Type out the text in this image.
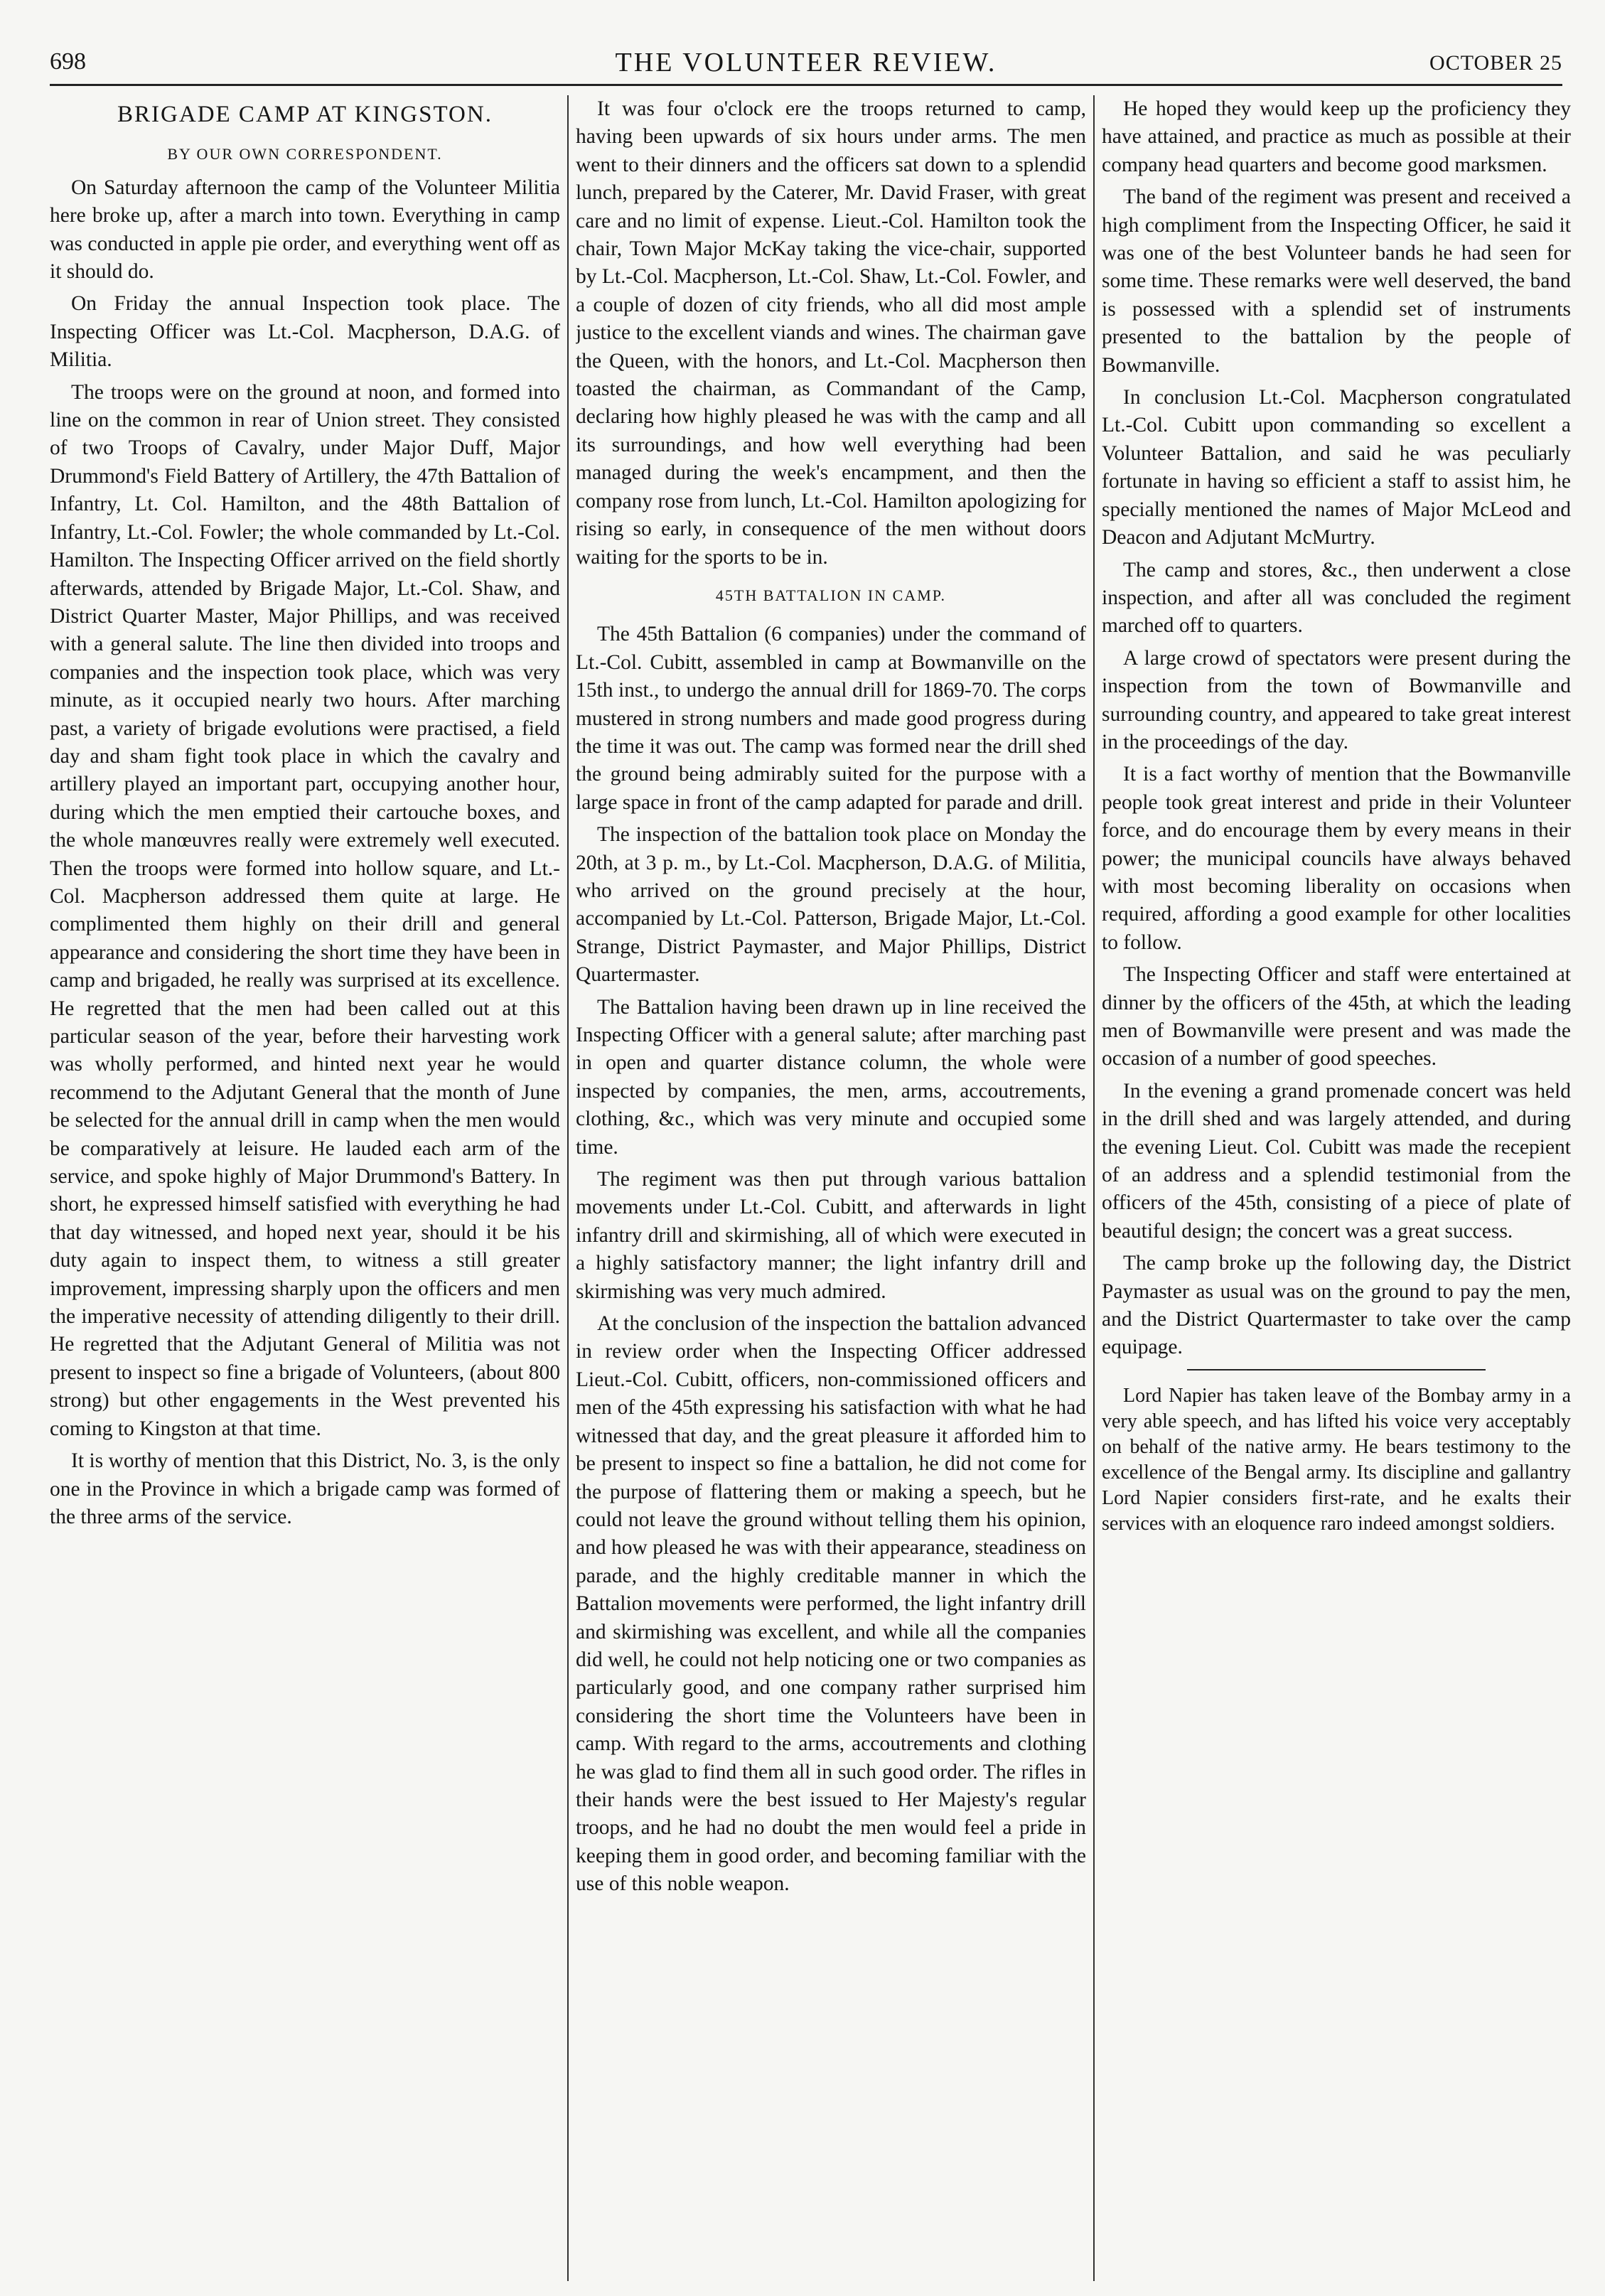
698	THE VOLUNTEER REVIEW.	OCTOBER 25
BRIGADE CAMP AT KINGSTON.
BY OUR OWN CORRESPONDENT.

On Saturday afternoon the camp of the Volunteer Militia here broke up, after a march into town. Everything in camp was conducted in apple pie order, and everything went off as it should do.

On Friday the annual Inspection took place. The Inspecting Officer was Lt.-Col. Macpherson, D.A.G. of Militia.

The troops were on the ground at noon, and formed into line on the common in rear of Union street. They consisted of two Troops of Cavalry, under Major Duff, Major Drummond's Field Battery of Artillery, the 47th Battalion of Infantry, Lt. Col. Hamilton, and the 48th Battalion of Infantry, Lt.-Col. Fowler; the whole commanded by Lt.-Col. Hamilton. The Inspecting Officer arrived on the field shortly afterwards, attended by Brigade Major, Lt.-Col. Shaw, and District Quarter Master, Major Phillips, and was received with a general salute. The line then divided into troops and companies and the inspection took place, which was very minute, as it occupied nearly two hours. After marching past, a variety of brigade evolutions were practised, a field day and sham fight took place in which the cavalry and artillery played an important part, occupying another hour, during which the men emptied their cartouche boxes, and the whole manœuvres really were extremely well executed. Then the troops were formed into hollow square, and Lt.-Col. Macpherson addressed them quite at large. He complimented them highly on their drill and general appearance and considering the short time they have been in camp and brigaded, he really was surprised at its excellence. He regretted that the men had been called out at this particular season of the year, before their harvesting work was wholly performed, and hinted next year he would recommend to the Adjutant General that the month of June be selected for the annual drill in camp when the men would be comparatively at leisure. He lauded each arm of the service, and spoke highly of Major Drummond's Battery. In short, he expressed himself satisfied with everything he had that day witnessed, and hoped next year, should it be his duty again to inspect them, to witness a still greater improvement, impressing sharply upon the officers and men the imperative necessity of attending diligently to their drill. He regretted that the Adjutant General of Militia was not present to inspect so fine a brigade of Volunteers, (about 800 strong) but other engagements in the West prevented his coming to Kingston at that time.

It is worthy of mention that this District, No. 3, is the only one in the Province in which a brigade camp was formed of the three arms of the service.

It was four o'clock ere the troops returned to camp, having been upwards of six hours under arms. The men went to their dinners and the officers sat down to a splendid lunch, prepared by the Caterer, Mr. David Fraser, with great care and no limit of expense. Lieut.-Col. Hamilton took the chair, Town Major McKay taking the vice-chair, supported by Lt.-Col. Macpherson, Lt.-Col. Shaw, Lt.-Col. Fowler, and a couple of dozen of city friends, who all did most ample justice to the excellent viands and wines. The chairman gave the Queen, with the honors, and Lt.-Col. Macpherson then toasted the chairman, as Commandant of the Camp, declaring how highly pleased he was with the camp and all its surroundings, and how well everything had been managed during the week's encampment, and then the company rose from lunch, Lt.-Col. Hamilton apologizing for rising so early, in consequence of the men without doors waiting for the sports to be in.

45TH BATTALION IN CAMP.

The 45th Battalion (6 companies) under the command of Lt.-Col. Cubitt, assembled in camp at Bowmanville on the 15th inst., to undergo the annual drill for 1869-70. The corps mustered in strong numbers and made good progress during the time it was out. The camp was formed near the drill shed the ground being admirably suited for the purpose with a large space in front of the camp adapted for parade and drill.

The inspection of the battalion took place on Monday the 20th, at 3 p. m., by Lt.-Col. Macpherson, D.A.G. of Militia, who arrived on the ground precisely at the hour, accompanied by Lt.-Col. Patterson, Brigade Major, Lt.-Col. Strange, District Paymaster, and Major Phillips, District Quartermaster.

The Battalion having been drawn up in line received the Inspecting Officer with a general salute; after marching past in open and quarter distance column, the whole were inspected by companies, the men, arms, accoutrements, clothing, &c., which was very minute and occupied some time.

The regiment was then put through various battalion movements under Lt.-Col. Cubitt, and afterwards in light infantry drill and skirmishing, all of which were executed in a highly satisfactory manner; the light infantry drill and skirmishing was very much admired.

At the conclusion of the inspection the battalion advanced in review order when the Inspecting Officer addressed Lieut.-Col. Cubitt, officers, non-commissioned officers and men of the 45th expressing his satisfaction with what he had witnessed that day, and the great pleasure it afforded him to be present to inspect so fine a battalion, he did not come for the purpose of flattering them or making a speech, but he could not leave the ground without telling them his opinion, and how pleased he was with their appearance, steadiness on parade, and the highly creditable manner in which the Battalion movements were performed, the light infantry drill and skirmishing was excellent, and while all the companies did well, he could not help noticing one or two companies as particularly good, and one company rather surprised him considering the short time the Volunteers have been in camp. With regard to the arms, accoutrements and clothing he was glad to find them all in such good order. The rifles in their hands were the best issued to Her Majesty's regular troops, and he had no doubt the men would feel a pride in keeping them in good order, and becoming familiar with the use of this noble weapon.

He hoped they would keep up the proficiency they have attained, and practice as much as possible at their company head quarters and become good marksmen.

The band of the regiment was present and received a high compliment from the Inspecting Officer, he said it was one of the best Volunteer bands he had seen for some time. These remarks were well deserved, the band is possessed with a splendid set of instruments presented to the battalion by the people of Bowmanville.

In conclusion Lt.-Col. Macpherson congratulated Lt.-Col. Cubitt upon commanding so excellent a Volunteer Battalion, and said he was peculiarly fortunate in having so efficient a staff to assist him, he specially mentioned the names of Major McLeod and Deacon and Adjutant McMurtry.

The camp and stores, &c., then underwent a close inspection, and after all was concluded the regiment marched off to quarters.

A large crowd of spectators were present during the inspection from the town of Bowmanville and surrounding country, and appeared to take great interest in the proceedings of the day.

It is a fact worthy of mention that the Bowmanville people took great interest and pride in their Volunteer force, and do encourage them by every means in their power; the municipal councils have always behaved with most becoming liberality on occasions when required, affording a good example for other localities to follow.

The Inspecting Officer and staff were entertained at dinner by the officers of the 45th, at which the leading men of Bowmanville were present and was made the occasion of a number of good speeches.

In the evening a grand promenade concert was held in the drill shed and was largely attended, and during the evening Lieut. Col. Cubitt was made the recepient of an address and a splendid testimonial from the officers of the 45th, consisting of a piece of plate of beautiful design; the concert was a great success.

The camp broke up the following day, the District Paymaster as usual was on the ground to pay the men, and the District Quartermaster to take over the camp equipage.

Lord Napier has taken leave of the Bombay army in a very able speech, and has lifted his voice very acceptably on behalf of the native army. He bears testimony to the excellence of the Bengal army. Its discipline and gallantry Lord Napier considers first-rate, and he exalts their services with an eloquence raro indeed amongst soldiers.
